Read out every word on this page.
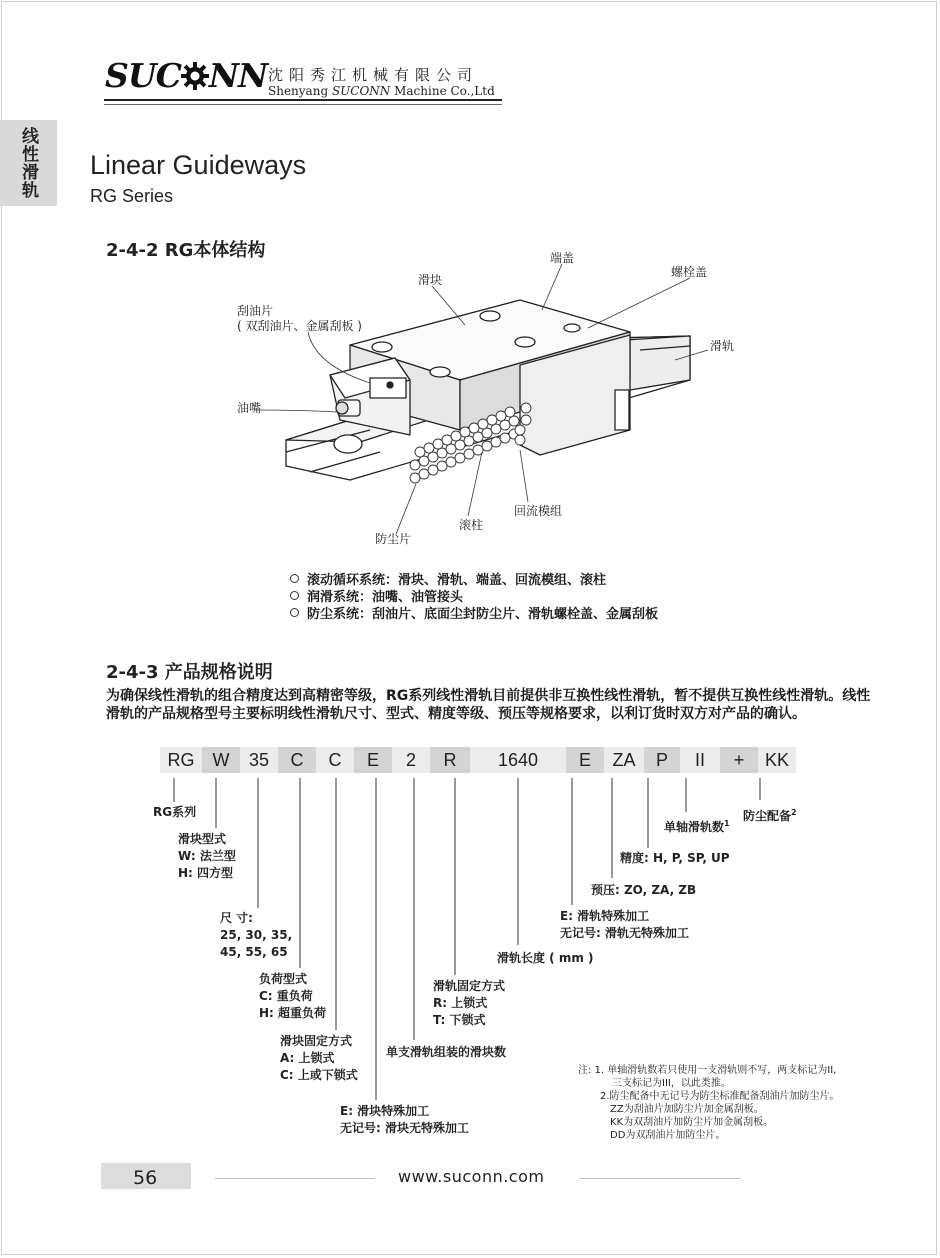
SUC NN 沈阳秀江机械有限公司
Shenyang SUCONN Machine Co.,Ltd
线性滑轨 Linear Guideways
RG Series
2-4-2 RG本体结构
滑块
端盖
螺栓盖
刮油片
( 双刮油片、金属刮板 )
滑轨
油嘴
回流模组
滚柱
防尘片
滚动循环系统：滑块、滑轨、端盖、回流模组、滚柱
润滑系统：油嘴、油管接头
防尘系统：刮油片、底面尘封防尘片、滑轨螺栓盖、金属刮板
2-4-3 产品规格说明
为确保线性滑轨的组合精度达到高精密等级，RG系列线性滑轨目前提供非互换性线性滑轨，暂不提供互换性线性滑轨。线性滑轨的产品规格型号主要标明线性滑轨尺寸、型式、精度等级、预压等规格要求，以利订货时双方对产品的确认。
RG	W	35	C	C	E	2	R	1640	E	ZA	P	II	+	KK
RG系列
滑块型式
W: 法兰型
H: 四方型
尺 寸:
25, 30, 35,
45, 55, 65
负荷型式
C: 重负荷
H: 超重负荷
滑块固定方式
A: 上锁式
C: 上或下锁式
E: 滑块特殊加工
无记号: 滑块无特殊加工
单支滑轨组装的滑块数
滑轨固定方式
R: 上锁式
T: 下锁式
滑轨长度 ( mm )
E: 滑轨特殊加工
无记号: 滑轨无特殊加工
预压: ZO, ZA, ZB
精度: H, P, SP, UP
单轴滑轨数$^1$
防尘配备$^2$
注: 1. 单轴滑轨数若只使用一支滑轨则不写，两支标记为II,
三支标记为III，以此类推。
2.防尘配备中无记号为防尘标准配备刮油片加防尘片。
ZZ为刮油片加防尘片加金属刮板。
KK为双刮油片加防尘片加金属刮板。
DD为双刮油片加防尘片。
56	www.suconn.com
